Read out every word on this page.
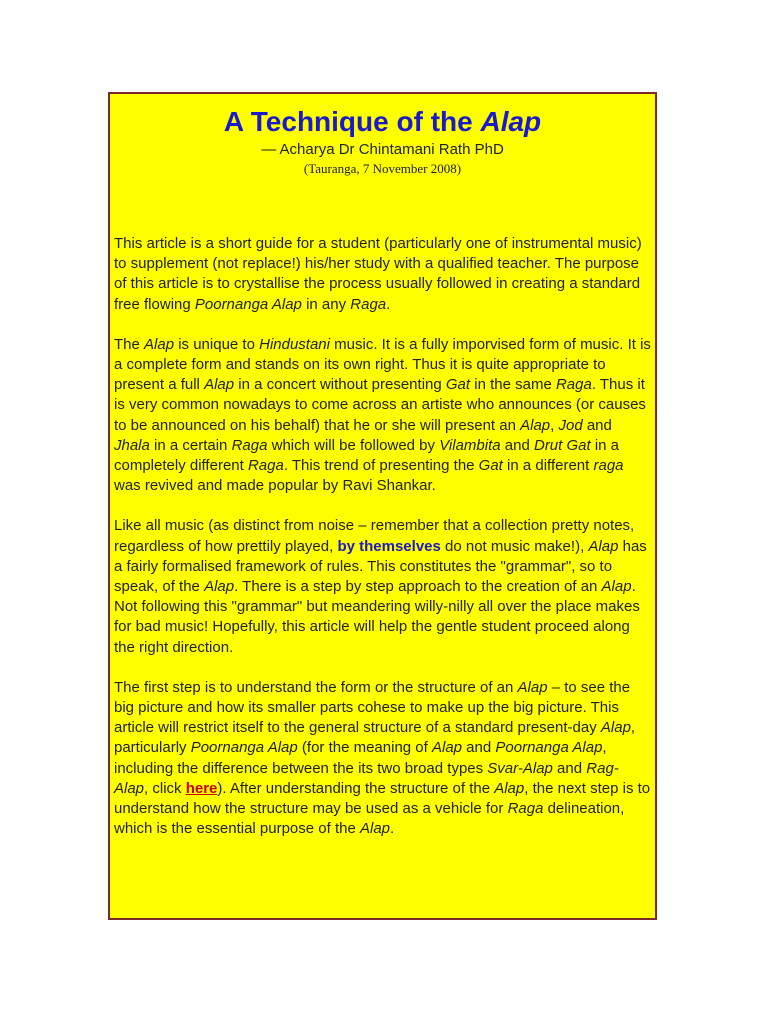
A Technique of the Alap
— Acharya Dr Chintamani Rath PhD
(Tauranga, 7 November 2008)

This article is a short guide for a student (particularly one of instrumental music) to supplement (not replace!) his/her study with a qualified teacher. The purpose of this article is to crystallise the process usually followed in creating a standard free flowing Poornanga Alap in any Raga.

The Alap is unique to Hindustani music. It is a fully imporvised form of music. It is a complete form and stands on its own right. Thus it is quite appropriate to present a full Alap in a concert without presenting Gat in the same Raga. Thus it is very common nowadays to come across an artiste who announces (or causes to be announced on his behalf) that he or she will present an Alap, Jod and Jhala in a certain Raga which will be followed by Vilambita and Drut Gat in a completely different Raga. This trend of presenting the Gat in a different raga was revived and made popular by Ravi Shankar.

Like all music (as distinct from noise – remember that a collection pretty notes, regardless of how prettily played, by themselves do not music make!), Alap has a fairly formalised framework of rules. This constitutes the "grammar", so to speak, of the Alap. There is a step by step approach to the creation of an Alap. Not following this "grammar" but meandering willy-nilly all over the place makes for bad music! Hopefully, this article will help the gentle student proceed along the right direction.

The first step is to understand the form or the structure of an Alap – to see the big picture and how its smaller parts cohese to make up the big picture. This article will restrict itself to the general structure of a standard present-day Alap, particularly Poornanga Alap (for the meaning of Alap and Poornanga Alap, including the difference between the its two broad types Svar-Alap and Rag-Alap, click here). After understanding the structure of the Alap, the next step is to understand how the structure may be used as a vehicle for Raga delineation, which is the essential purpose of the Alap.
